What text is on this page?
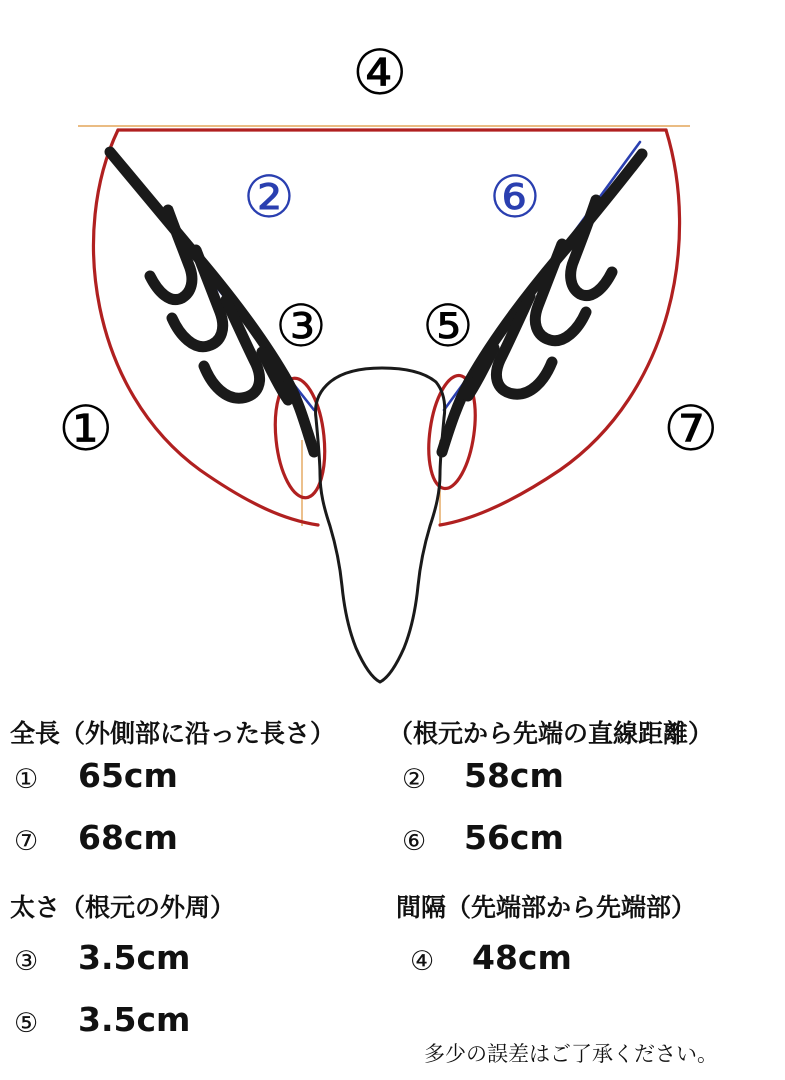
①
②
③
④
⑤
⑥
⑦
全長（外側部に沿った長さ） （根元から先端の直線距離）
① 65cm	② 58cm
⑦ 68cm	⑥ 56cm
太さ（根元の外周）	間隔（先端部から先端部）
③ 3.5cm	④ 48cm
⑤ 3.5cm
多少の誤差はご了承ください。
